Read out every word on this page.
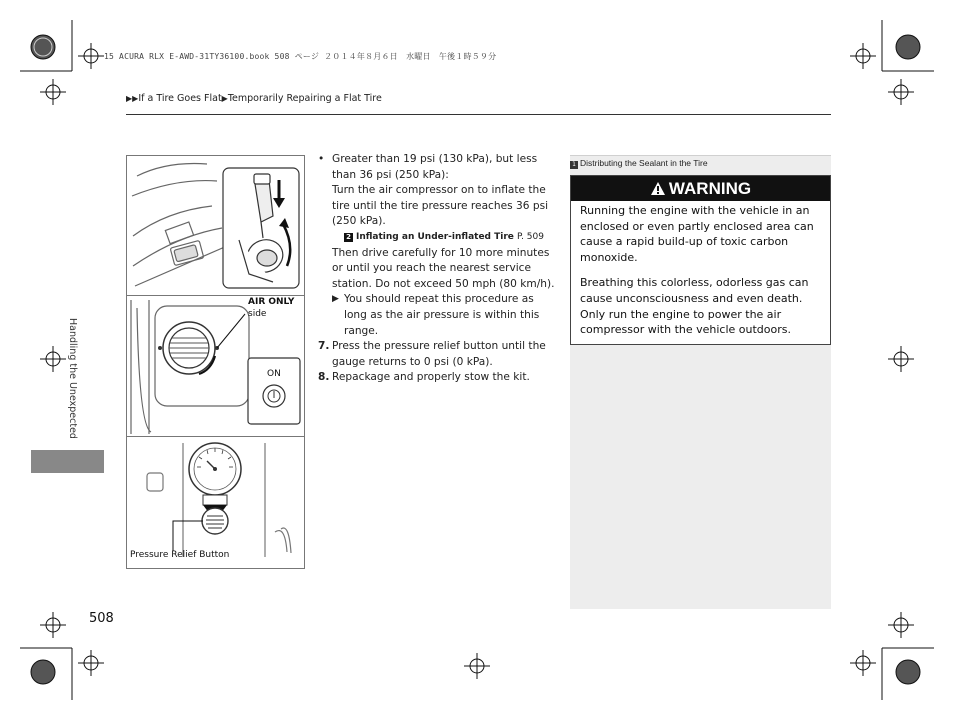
15 ACURA RLX E-AWD-31TY36100.book 508 ページ ２０１４年８月６日　水曜日　午後１時５９分
▶▶If a Tire Goes Flat▶Temporarily Repairing a Flat Tire
Handling the Unexpected
508
AIR ONLY
side
ON
Pressure Relief Button
• Greater than 19 psi (130 kPa), but less than 36 psi (250 kPa):
Turn the air compressor on to inflate the tire until the tire pressure reaches 36 psi (250 kPa).
2 Inflating an Under-inflated Tire P. 509
Then drive carefully for 10 more minutes or until you reach the nearest service station. Do not exceed 50 mph (80 km/h).
▶ You should repeat this procedure as long as the air pressure is within this range.
7. Press the pressure relief button until the gauge returns to 0 psi (0 kPa).
8. Repackage and properly stow the kit.
1 Distributing the Sealant in the Tire
WARNING

Running the engine with the vehicle in an enclosed or even partly enclosed area can cause a rapid build-up of toxic carbon monoxide.

Breathing this colorless, odorless gas can cause unconsciousness and even death. Only run the engine to power the air compressor with the vehicle outdoors.
